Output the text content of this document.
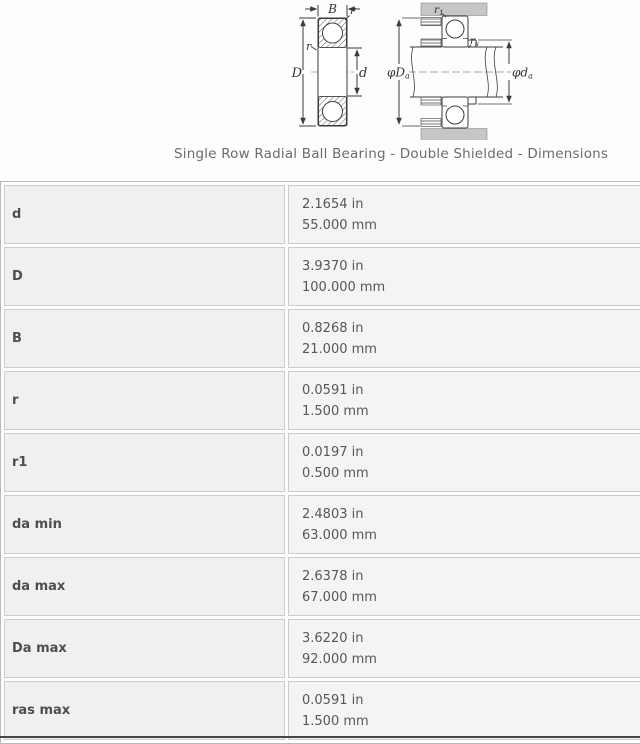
B r
r
D	d
r1
rs
φDa	φda
Single Row Radial Ball Bearing - Double Shielded - Dimensions
d	2.1654 in
55.000 mm

D	3.9370 in
100.000 mm

B	0.8268 in
21.000 mm

r	0.0591 in
1.500 mm

r1	0.0197 in
0.500 mm

da min	2.4803 in
63.000 mm

da max	2.6378 in
67.000 mm

Da max	3.6220 in
92.000 mm

ras max	0.0591 in
1.500 mm
